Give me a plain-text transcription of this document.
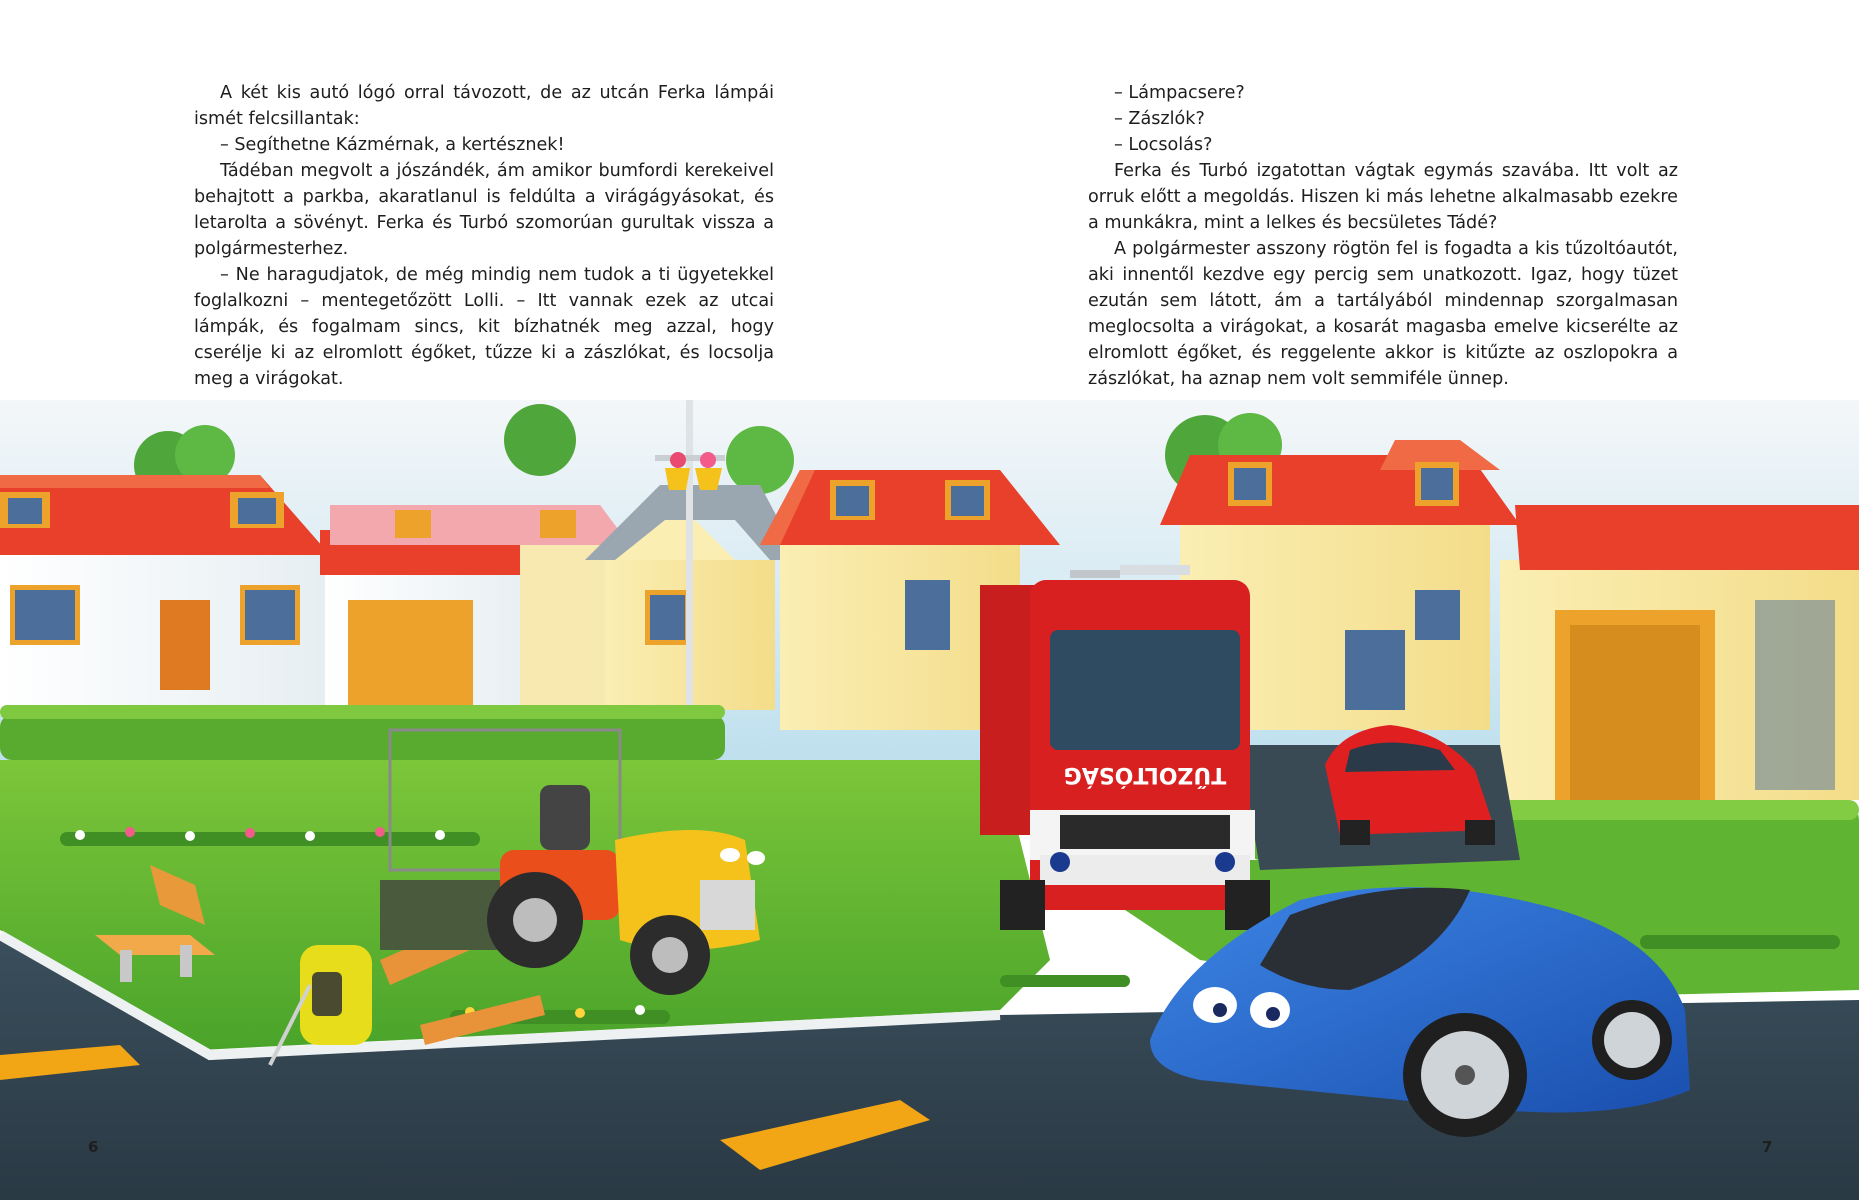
A két kis autó lógó orral távozott, de az utcán Ferka lámpái ismét felcsillantak:

– Segíthetne Kázmérnak, a kertésznek!

Tádéban megvolt a jószándék, ám amikor bumfordi kerekeivel behajtott a parkba, akaratlanul is feldúlta a virágágyásokat, és letarolta a sövényt. Ferka és Turbó szomorúan gurultak vissza a polgármesterhez.

– Ne haragudjatok, de még mindig nem tudok a ti ügyetekkel foglalkozni – mentegetőzött Lolli. – Itt vannak ezek az utcai lámpák, és fogalmam sincs, kit bízhatnék meg azzal, hogy cserélje ki az elromlott égőket, tűzze ki a zászlókat, és locsolja meg a virágokat.

– Lámpacsere?

– Zászlók?

– Locsolás?

Ferka és Turbó izgatottan vágtak egymás szavába. Itt volt az orruk előtt a megoldás. Hiszen ki más lehetne alkalmasabb ezekre a munkákra, mint a lelkes és becsületes Tádé?

A polgármester asszony rögtön fel is fogadta a kis tűzoltóautót, aki innentől kezdve egy percig sem unatkozott. Igaz, hogy tüzet ezután sem látott, ám a tartályából mindennap szorgalmasan meglocsolta a virágokat, a kosarát magasba emelve kicserélte az elromlott égőket, és reggelente akkor is kitűzte az oszlopokra a zászlókat, ha aznap nem volt semmiféle ünnep.

TŰZOLTÓSÁG
6	7
